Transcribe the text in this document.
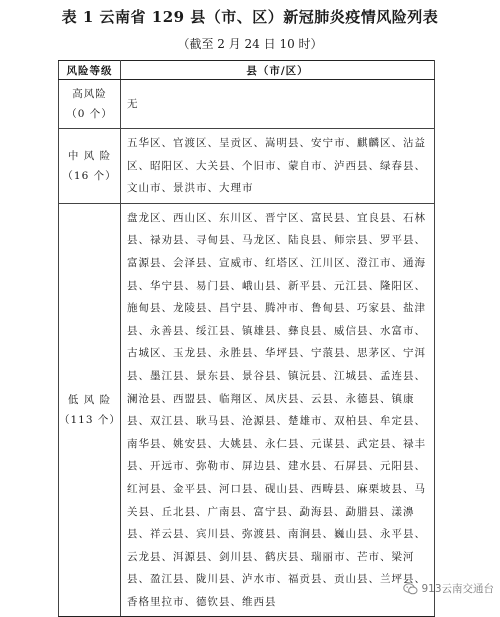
表 1 云南省 129 县（市、区）新冠肺炎疫情风险列表
（截至 2 月 24 日 10 时）
风险等级	县（市/区）

高风险
（0 个）	无

中 风 险
（16 个）	五华区、官渡区、呈贡区、嵩明县、安宁市、麒麟区、沾益区、昭阳区、大关县、个旧市、蒙自市、泸西县、绿春县、文山市、景洪市、大理市

低 风 险
（113 个）	盘龙区、西山区、东川区、晋宁区、富民县、宜良县、石林县、禄劝县、寻甸县、马龙区、陆良县、师宗县、罗平县、富源县、会泽县、宣威市、红塔区、江川区、澄江市、通海县、华宁县、易门县、峨山县、新平县、元江县、隆阳区、施甸县、龙陵县、昌宁县、腾冲市、鲁甸县、巧家县、盐津县、永善县、绥江县、镇雄县、彝良县、威信县、水富市、古城区、玉龙县、永胜县、华坪县、宁蒗县、思茅区、宁洱县、墨江县、景东县、景谷县、镇沅县、江城县、孟连县、澜沧县、西盟县、临翔区、凤庆县、云县、永德县、镇康县、双江县、耿马县、沧源县、楚雄市、双柏县、牟定县、南华县、姚安县、大姚县、永仁县、元谋县、武定县、禄丰县、开远市、弥勒市、屏边县、建水县、石屏县、元阳县、红河县、金平县、河口县、砚山县、西畴县、麻栗坡县、马关县、丘北县、广南县、富宁县、勐海县、勐腊县、漾濞县、祥云县、宾川县、弥渡县、南涧县、巍山县、永平县、云龙县、洱源县、剑川县、鹤庆县、瑞丽市、芒市、梁河县、盈江县、陇川县、泸水市、福贡县、贡山县、兰坪县、香格里拉市、德钦县、维西县
913云南交通台
